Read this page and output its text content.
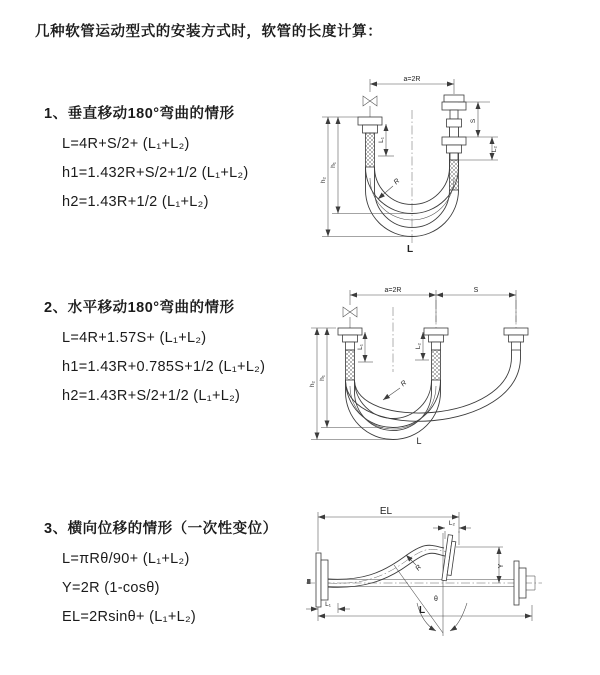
几种软管运动型式的安装方式时，软管的长度计算：
1、垂直移动180°弯曲的情形
L=4R+S/2+ (L₁+L₂)
h1=1.432R+S/2+1/2 (L₁+L₂)
h2=1.43R+1/2 (L₁+L₂)
2、水平移动180°弯曲的情形
L=4R+1.57S+ (L₁+L₂)
h1=1.43R+0.785S+1/2 (L₁+L₂)
h2=1.43R+S/2+1/2 (L₁+L₂)
3、横向位移的情形（一次性变位）
L=πRθ/90+ (L₁+L₂)
Y=2R (1-cosθ)
EL=2Rsinθ+ (L₁+L₂)
a=2R
h₂
h₁
L₁
S
L₂
R
L
a=2R	S
h₂
h₁
L₁	L₂
R
L
EL
L₂
θ
R	Y
L₁
L
